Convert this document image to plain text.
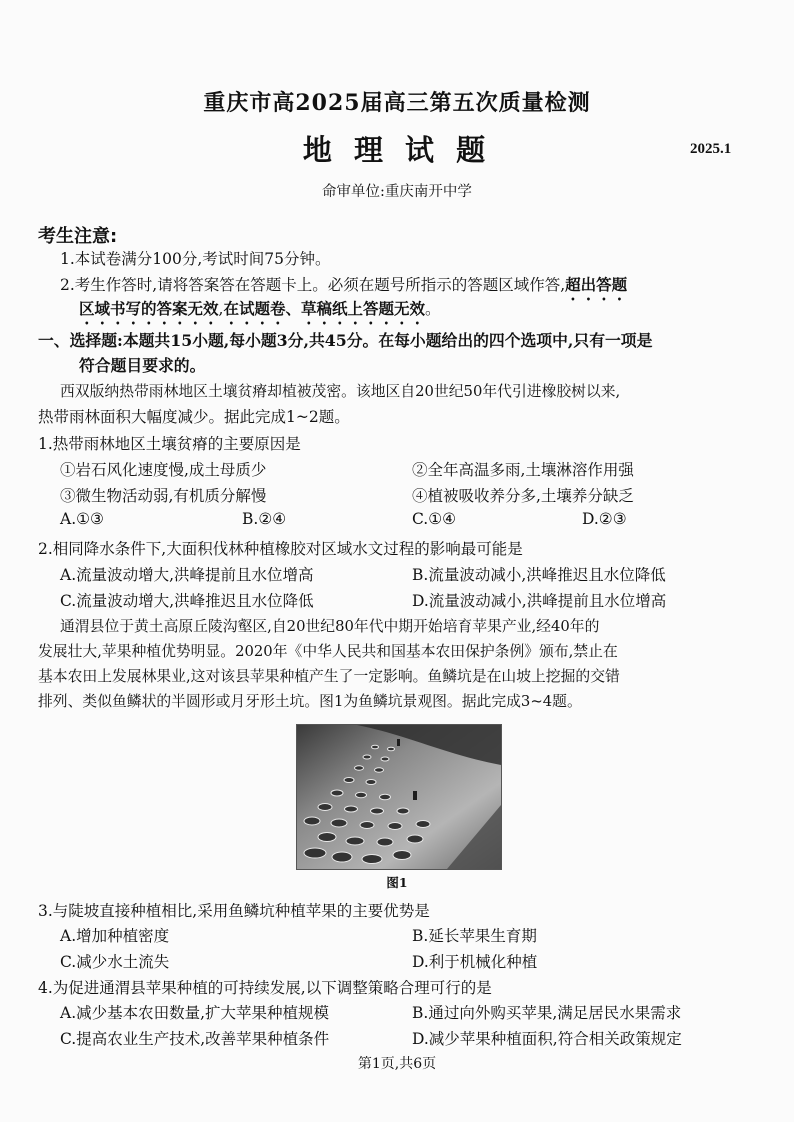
重庆市高2025届高三第五次质量检测
地 理 试 题	2025.1
命审单位:重庆南开中学
考生注意:
1.本试卷满分100分,考试时间75分钟。
2.考生作答时,请将答案答在答题卡上。必须在题号所指示的答题区域作答,超出答题
区域书写的答案无效,在试题卷、草稿纸上答题无效。
一、选择题:本题共15小题,每小题3分,共45分。在每小题给出的四个选项中,只有一项是
符合题目要求的。
西双版纳热带雨林地区土壤贫瘠却植被茂密。该地区自20世纪50年代引进橡胶树以来,
热带雨林面积大幅度减少。据此完成1~2题。
1.热带雨林地区土壤贫瘠的主要原因是
①岩石风化速度慢,成土母质少	②全年高温多雨,土壤淋溶作用强
③微生物活动弱,有机质分解慢	④植被吸收养分多,土壤养分缺乏
A.①③	B.②④	C.①④	D.②③
2.相同降水条件下,大面积伐林种植橡胶对区域水文过程的影响最可能是
A.流量波动增大,洪峰提前且水位增高	B.流量波动减小,洪峰推迟且水位降低
C.流量波动增大,洪峰推迟且水位降低	D.流量波动减小,洪峰提前且水位增高
通渭县位于黄土高原丘陵沟壑区,自20世纪80年代中期开始培育苹果产业,经40年的
发展壮大,苹果种植优势明显。2020年《中华人民共和国基本农田保护条例》颁布,禁止在
基本农田上发展林果业,这对该县苹果种植产生了一定影响。鱼鳞坑是在山坡上挖掘的交错
排列、类似鱼鳞状的半圆形或月牙形土坑。图1为鱼鳞坑景观图。据此完成3~4题。
图1
3.与陡坡直接种植相比,采用鱼鳞坑种植苹果的主要优势是
A.增加种植密度	B.延长苹果生育期
C.减少水土流失	D.利于机械化种植
4.为促进通渭县苹果种植的可持续发展,以下调整策略合理可行的是
A.减少基本农田数量,扩大苹果种植规模	B.通过向外购买苹果,满足居民水果需求
C.提高农业生产技术,改善苹果种植条件	D.减少苹果种植面积,符合相关政策规定
第1页,共6页
